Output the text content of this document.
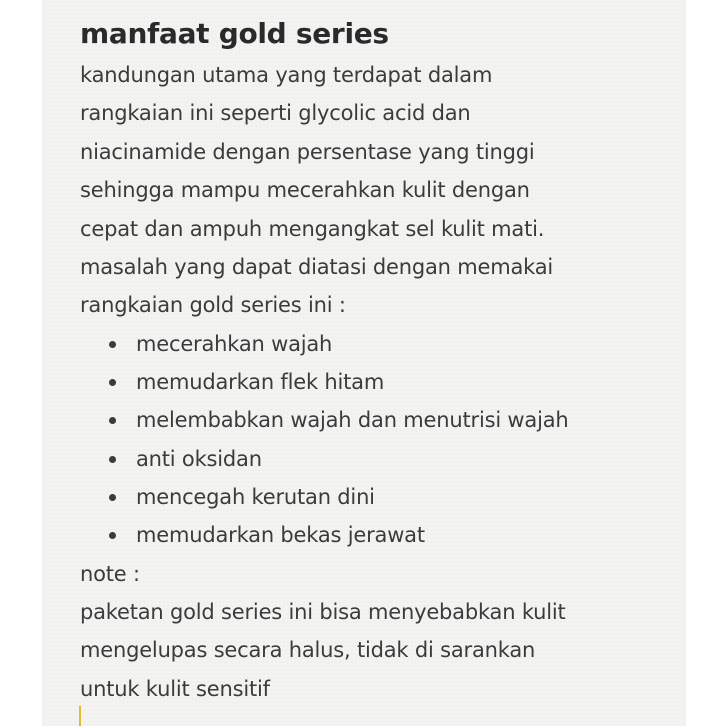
manfaat gold series

kandungan utama yang terdapat dalam

rangkaian ini seperti glycolic acid dan

niacinamide dengan persentase yang tinggi

sehingga mampu mecerahkan kulit dengan

cepat dan ampuh mengangkat sel kulit mati.

masalah yang dapat diatasi dengan memakai

rangkaian gold series ini :

mecerahkan wajah
memudarkan flek hitam
melembabkan wajah dan menutrisi wajah
anti oksidan
mencegah kerutan dini
memudarkan bekas jerawat

note :

paketan gold series ini bisa menyebabkan kulit

mengelupas secara halus, tidak di sarankan

untuk kulit sensitif
